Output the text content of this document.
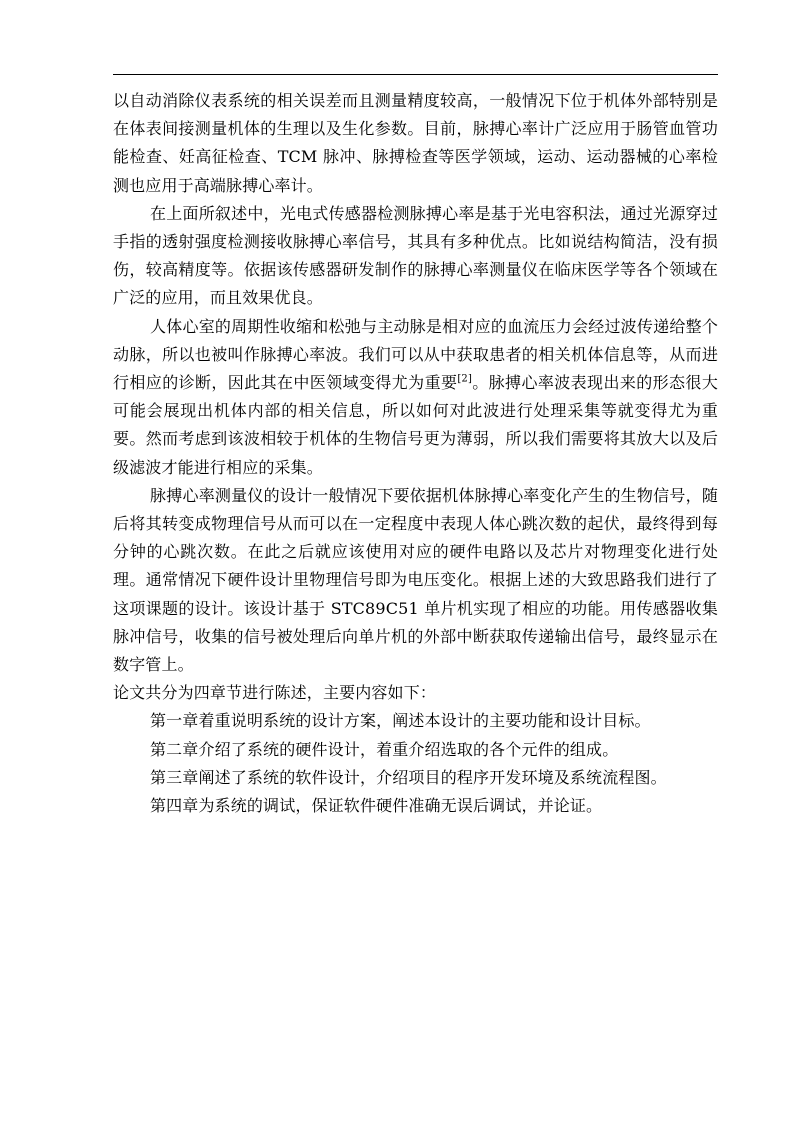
以自动消除仪表系统的相关误差而且测量精度较高，一般情况下位于机体外部特别是在体表间接测量机体的生理以及生化参数。目前，脉搏心率计广泛应用于肠管血管功能检查、妊高征检查、TCM 脉冲、脉搏检查等医学领域，运动、运动器械的心率检测也应用于高端脉搏心率计。

在上面所叙述中，光电式传感器检测脉搏心率是基于光电容积法，通过光源穿过手指的透射强度检测接收脉搏心率信号，其具有多种优点。比如说结构简洁，没有损伤，较高精度等。依据该传感器研发制作的脉搏心率测量仪在临床医学等各个领域在广泛的应用，而且效果优良。

人体心室的周期性收缩和松弛与主动脉是相对应的血流压力会经过波传递给整个动脉，所以也被叫作脉搏心率波。我们可以从中获取患者的相关机体信息等，从而进行相应的诊断，因此其在中医领域变得尤为重要[2]。脉搏心率波表现出来的形态很大可能会展现出机体内部的相关信息，所以如何对此波进行处理采集等就变得尤为重要。然而考虑到该波相较于机体的生物信号更为薄弱，所以我们需要将其放大以及后级滤波才能进行相应的采集。

脉搏心率测量仪的设计一般情况下要依据机体脉搏心率变化产生的生物信号，随后将其转变成物理信号从而可以在一定程度中表现人体心跳次数的起伏，最终得到每分钟的心跳次数。在此之后就应该使用对应的硬件电路以及芯片对物理变化进行处理。通常情况下硬件设计里物理信号即为电压变化。根据上述的大致思路我们进行了这项课题的设计。该设计基于 STC89C51 单片机实现了相应的功能。用传感器收集脉冲信号，收集的信号被处理后向单片机的外部中断获取传递输出信号，最终显示在数字管上。

论文共分为四章节进行陈述，主要内容如下：

第一章着重说明系统的设计方案，阐述本设计的主要功能和设计目标。

第二章介绍了系统的硬件设计，着重介绍选取的各个元件的组成。

第三章阐述了系统的软件设计，介绍项目的程序开发环境及系统流程图。

第四章为系统的调试，保证软件硬件准确无误后调试，并论证。
